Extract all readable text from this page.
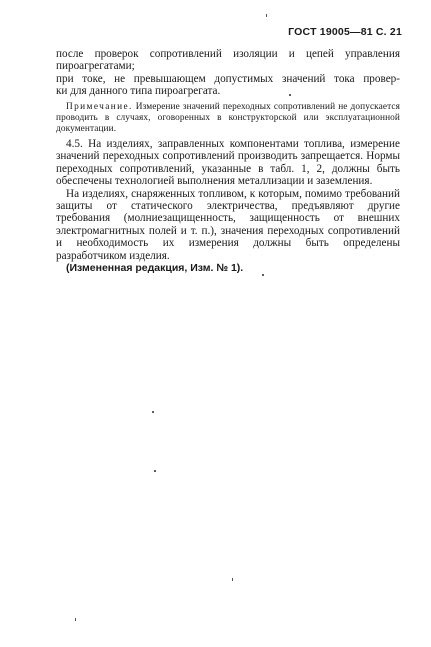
ГОСТ 19005—81 С. 21

после проверок сопротивлений изоляции и цепей управления

пироагрегатами;

при токе, не превышающем допустимых значений тока провер-

ки для данного типа пироагрегата.

Примечание. Измерение значений переходных сопротивлений не допускается проводить в случаях, оговоренных в конструкторской или эксплуатационной документации.

4.5. На изделиях, заправленных компонентами топлива, измерение значений переходных сопротивлений производить запрещается. Нормы переходных сопротивлений, указанные в табл. 1, 2, должны быть обеспечены технологией выполнения металлизации и заземления.

На изделиях, снаряженных топливом, к которым, помимо требований защиты от статического электричества, предъявляют другие требования (молниезащищенность, защищенность от внешних электромагнитных полей и т. п.), значения переходных сопротивлений и необходимость их измерения должны быть определены разработчиком изделия.

(Измененная редакция, Изм. № 1).
